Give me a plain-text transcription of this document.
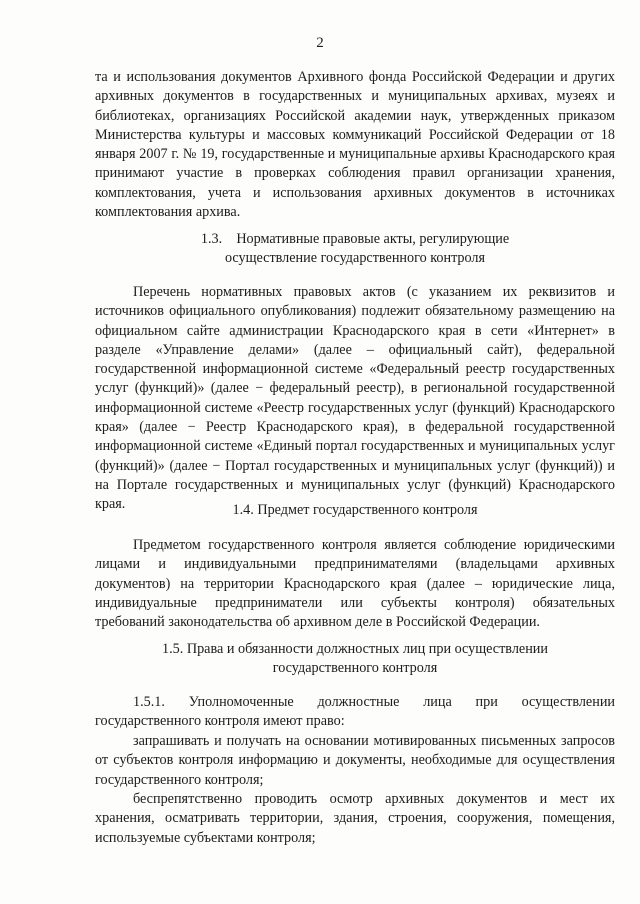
2

та и использования документов Архивного фонда Российской Федерации и других архивных документов в государственных и муниципальных архивах, музеях и библиотеках, организациях Российской академии наук, утвержденных приказом Министерства культуры и массовых коммуникаций Российской Федерации от 18 января 2007 г. № 19, государственные и муниципальные архивы Краснодарского края принимают участие в проверках соблюдения правил организации хранения, комплектования, учета и использования архивных документов в источниках комплектования архива.

1.3.    Нормативные правовые акты, регулирующие
осуществление государственного контроля

Перечень нормативных правовых актов (с указанием их реквизитов и источников официального опубликования) подлежит обязательному размещению на официальном сайте администрации Краснодарского края в сети «Интернет» в разделе «Управление делами» (далее – официальный сайт), федеральной государственной информационной системе «Федеральный реестр государственных услуг (функций)» (далее − федеральный реестр), в региональной государственной информационной системе «Реестр государственных услуг (функций) Краснодарского края» (далее − Реестр Краснодарского края), в федеральной государственной информационной системе «Единый портал государственных и муниципальных услуг (функций)» (далее − Портал государственных и муниципальных услуг (функций)) и на Портале государственных и муниципальных услуг (функций) Краснодарского края.	1.4. Предмет государственного контроля

Предметом государственного контроля является соблюдение юридическими лицами и индивидуальными предпринимателями (владельцами архивных документов) на территории Краснодарского края (далее – юридические лица, индивидуальные предприниматели или субъекты контроля) обязательных требований законодательства об архивном деле в Российской Федерации.

1.5. Права и обязанности должностных лиц при осуществлении
государственного контроля

1.5.1. Уполномоченные должностные лица при осуществлении государственного контроля имеют право:

запрашивать и получать на основании мотивированных письменных запросов от субъектов контроля информацию и документы, необходимые для осуществления государственного контроля;

беспрепятственно проводить осмотр архивных документов и мест их хранения, осматривать территории, здания, строения, сооружения, помещения, используемые субъектами контроля;
